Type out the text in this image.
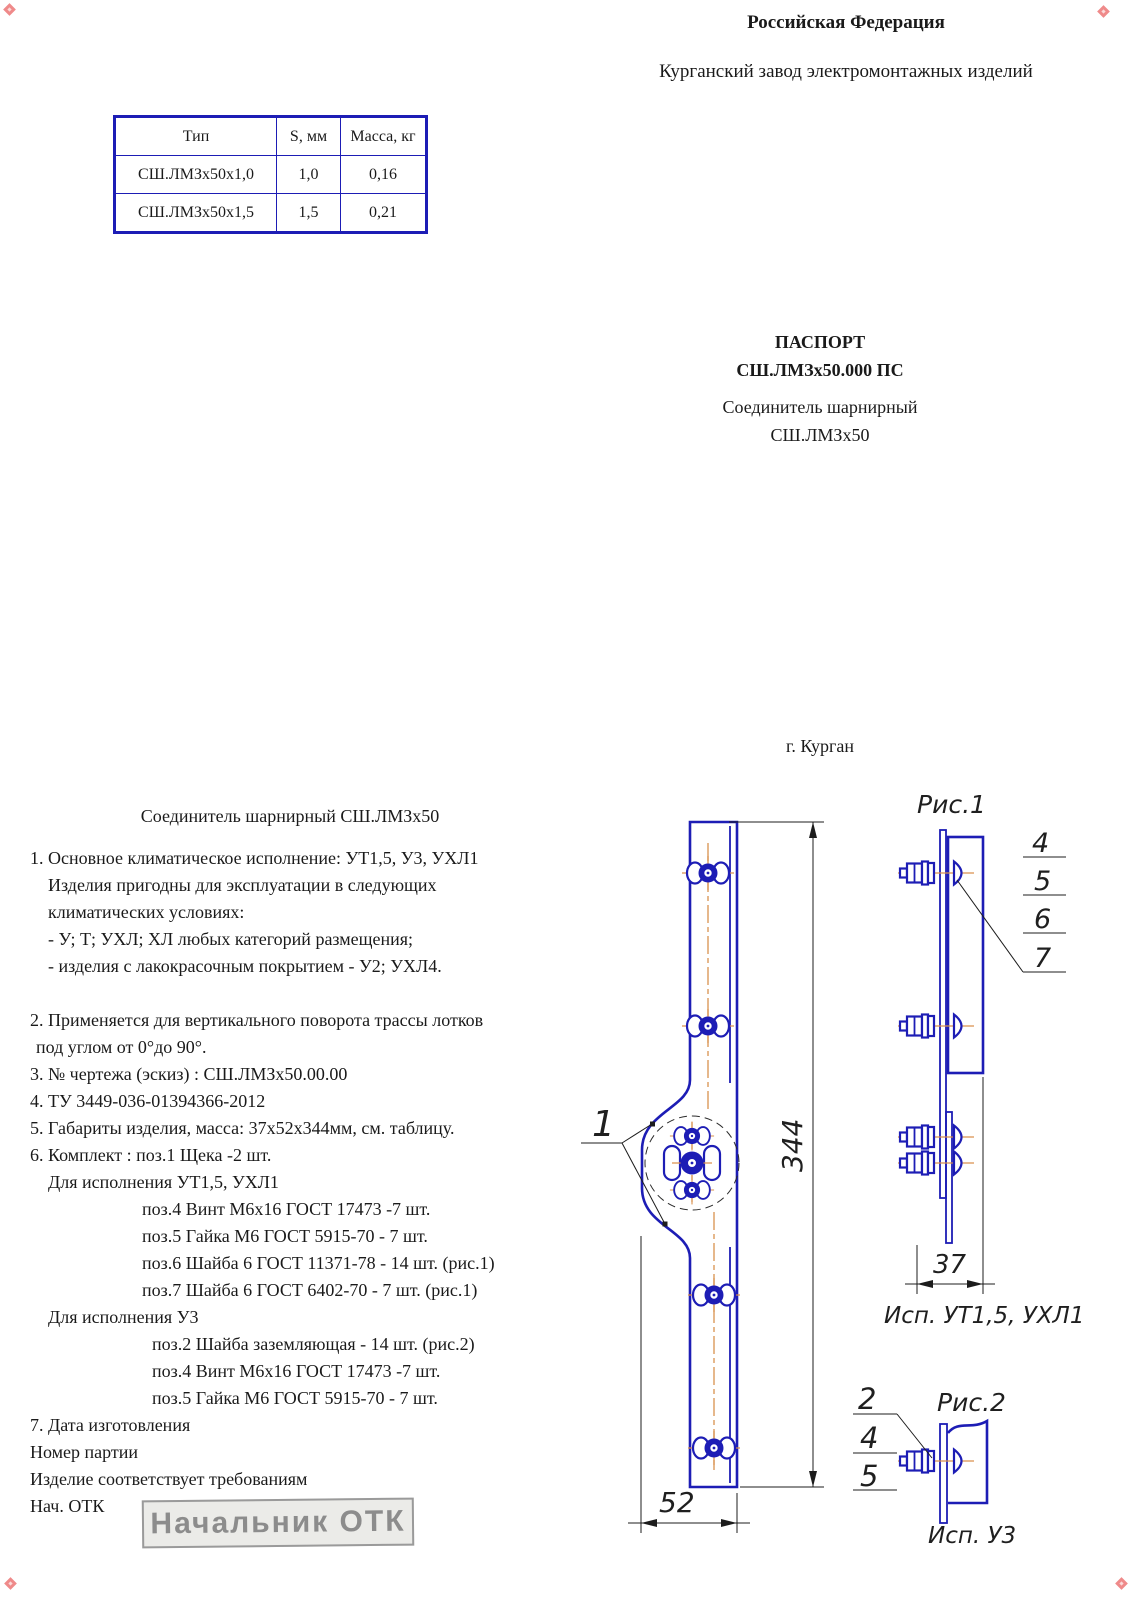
Российская Федерация
Курганский завод электромонтажных изделий
Тип	S, мм	Масса, кг
СШ.ЛМЗх50х1,0	1,0	0,16
СШ.ЛМЗх50х1,5	1,5	0,21
ПАСПОРТ
СШ.ЛМЗх50.000 ПС
Соединитель шарнирный
СШ.ЛМЗх50
г. Курган
Соединитель шарнирный СШ.ЛМЗх50
1. Основное климатическое исполнение: УТ1,5, У3, УХЛ1
Изделия пригодны для эксплуатации в следующих
климатических условиях:
- У; Т; УХЛ; ХЛ любых категорий размещения;
- изделия с лакокрасочным покрытием - У2; УХЛ4.
2. Применяется для вертикального поворота трассы лотков
под углом от 0°до 90°.
3. № чертежа (эскиз) : СШ.ЛМЗх50.00.00
4. ТУ 3449-036-01394366-2012
5. Габариты изделия, масса: 37х52х344мм, см. таблицу.
6. Комплект : поз.1 Щека -2 шт.
Для исполнения УТ1,5, УХЛ1
поз.4 Винт М6х16 ГОСТ 17473 -7 шт.
поз.5 Гайка М6 ГОСТ 5915-70 - 7 шт.
поз.6 Шайба 6 ГОСТ 11371-78 - 14 шт. (рис.1)
поз.7 Шайба 6 ГОСТ 6402-70 - 7 шт. (рис.1)
Для исполнения У3
поз.2 Шайба заземляющая - 14 шт. (рис.2)
поз.4 Винт М6х16 ГОСТ 17473 -7 шт.
поз.5 Гайка М6 ГОСТ 5915-70 - 7 шт.
7. Дата изготовления
Номер партии
Изделие соответствует требованиям
Нач. ОТК	Начальник ОТК
1	344
52
Рис.1
4
5
6
7
37
Исп. УТ1,5, УХЛ1
Рис.2
2
4
5
Исп. У3
